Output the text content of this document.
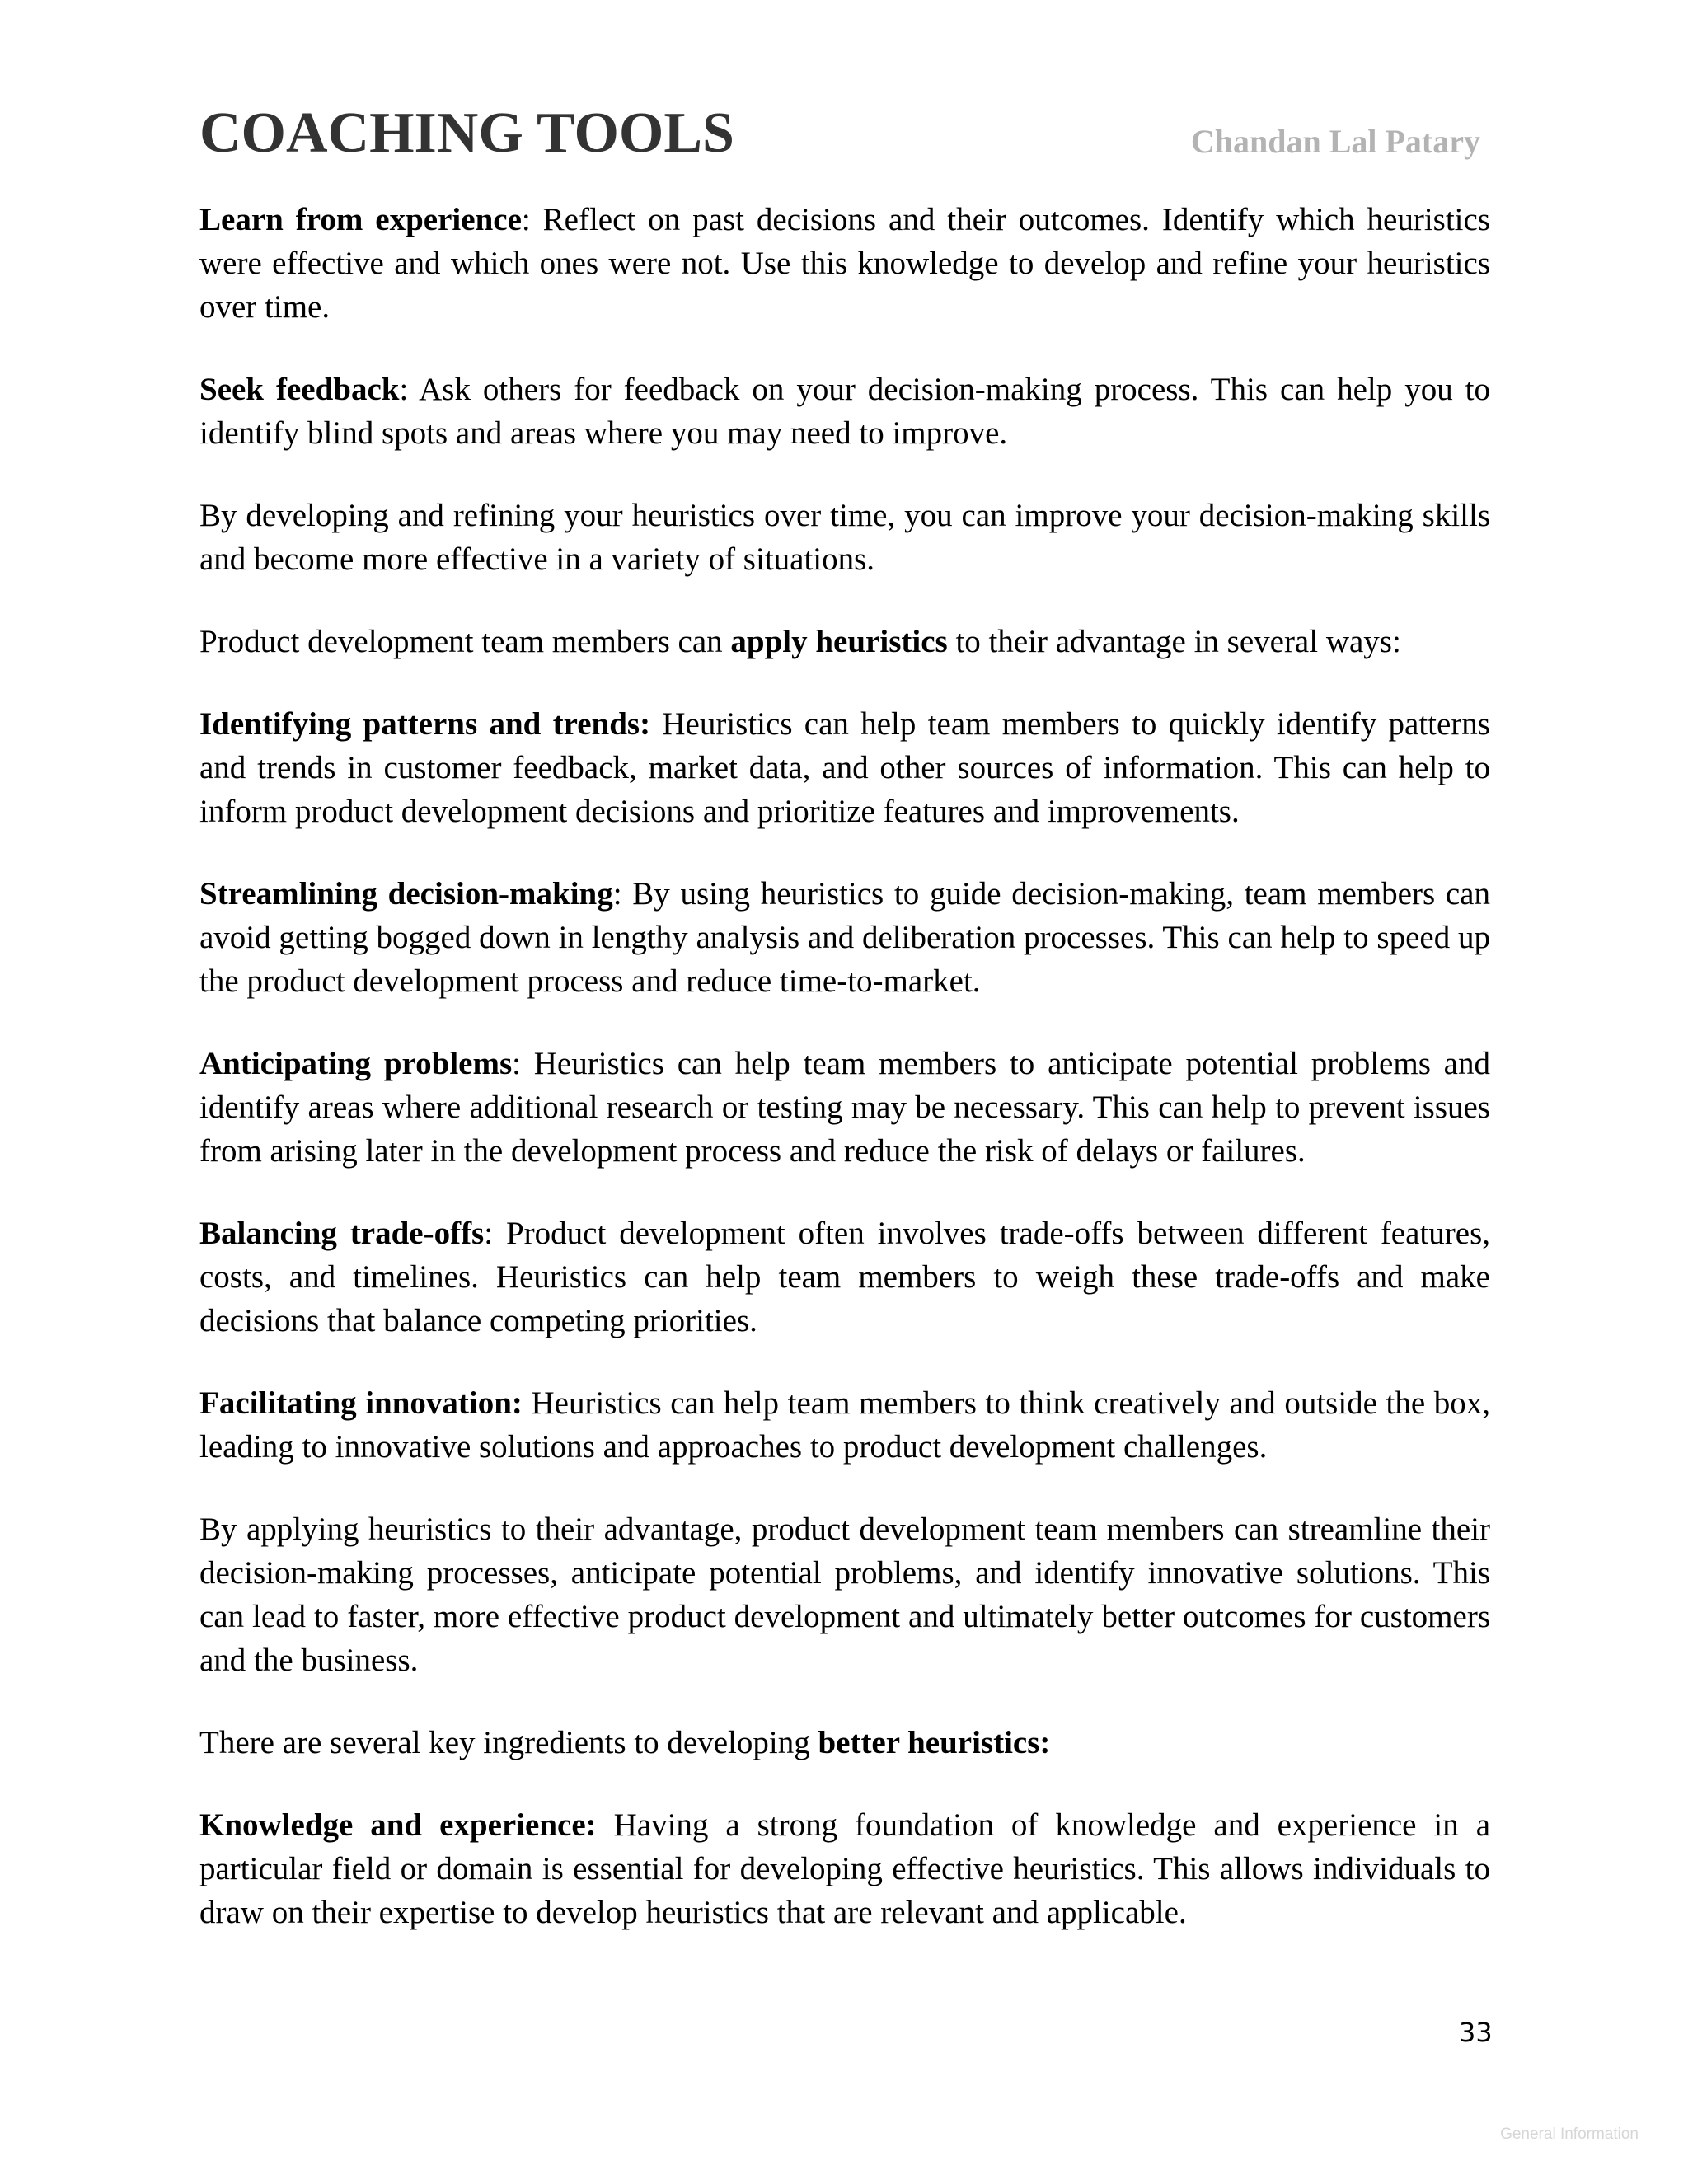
COACHING TOOLS	Chandan Lal Patary

Learn from experience: Reflect on past decisions and their outcomes. Identify which heuristics were effective and which ones were not. Use this knowledge to develop and refine your heuristics over time.

Seek feedback: Ask others for feedback on your decision-making process. This can help you to identify blind spots and areas where you may need to improve.

By developing and refining your heuristics over time, you can improve your decision-making skills and become more effective in a variety of situations.

Product development team members can apply heuristics to their advantage in several ways:

Identifying patterns and trends: Heuristics can help team members to quickly identify patterns and trends in customer feedback, market data, and other sources of information. This can help to inform product development decisions and prioritize features and improvements.

Streamlining decision-making: By using heuristics to guide decision-making, team members can avoid getting bogged down in lengthy analysis and deliberation processes. This can help to speed up the product development process and reduce time-to-market.

Anticipating problems: Heuristics can help team members to anticipate potential problems and identify areas where additional research or testing may be necessary. This can help to prevent issues from arising later in the development process and reduce the risk of delays or failures.

Balancing trade-offs: Product development often involves trade-offs between different features, costs, and timelines. Heuristics can help team members to weigh these trade-offs and make decisions that balance competing priorities.

Facilitating innovation: Heuristics can help team members to think creatively and outside the box, leading to innovative solutions and approaches to product development challenges.

By applying heuristics to their advantage, product development team members can streamline their decision-making processes, anticipate potential problems, and identify innovative solutions. This can lead to faster, more effective product development and ultimately better outcomes for customers and the business.

There are several key ingredients to developing better heuristics:

Knowledge and experience: Having a strong foundation of knowledge and experience in a particular field or domain is essential for developing effective heuristics. This allows individuals to draw on their expertise to develop heuristics that are relevant and applicable.

33
General Information
